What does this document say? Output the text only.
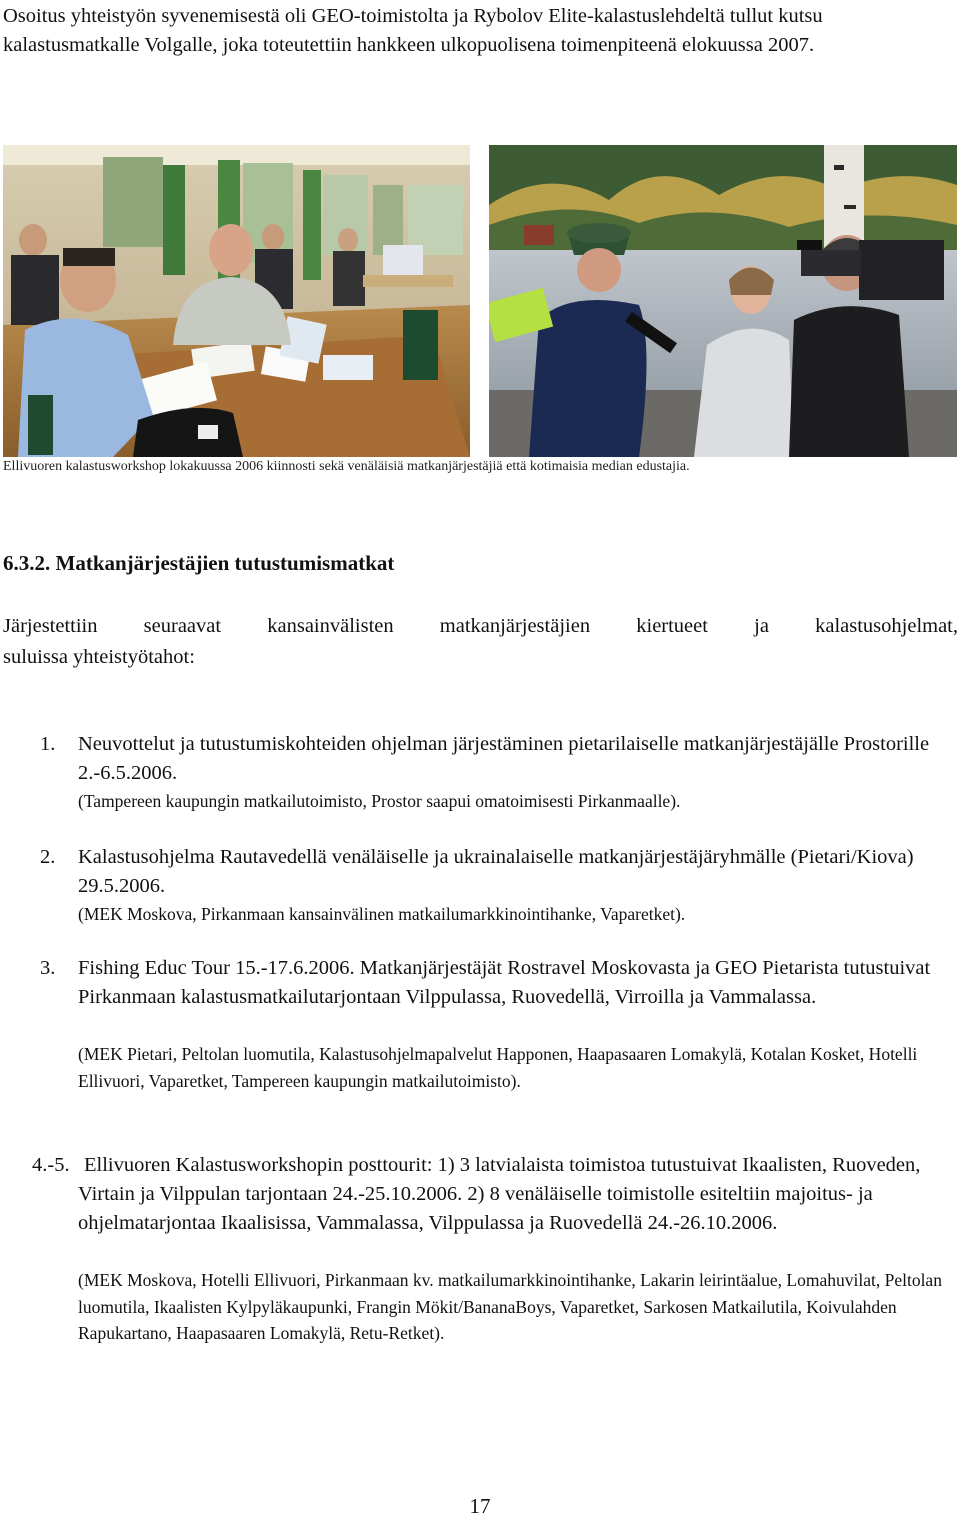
Osoitus yhteistyön syvenemisestä oli GEO-toimistolta ja Rybolov Elite-kalastuslehdeltä tullut kutsu kalastusmatkalle Volgalle, joka toteutettiin hankkeen ulkopuolisena toimenpiteenä elokuussa 2007.
Ellivuoren kalastusworkshop lokakuussa 2006 kiinnosti sekä venäläisiä matkanjärjestäjiä että kotimaisia median edustajia.
6.3.2. Matkanjärjestäjien tutustumismatkat
Järjestettiin seuraavat kansainvälisten matkanjärjestäjien kiertueet ja kalastusohjelmat,
suluissa yhteistyötahot:
1. Neuvottelut ja tutustumiskohteiden ohjelman järjestäminen pietarilaiselle matkanjärjestäjälle Prostorille 2.-6.5.2006.
(Tampereen kaupungin matkailutoimisto, Prostor saapui omatoimisesti Pirkanmaalle).
2. Kalastusohjelma Rautavedellä venäläiselle ja ukrainalaiselle matkanjärjestäjäryhmälle (Pietari/Kiova) 29.5.2006.
(MEK Moskova, Pirkanmaan kansainvälinen matkailumarkkinointihanke, Vaparetket).
3. Fishing Educ Tour 15.-17.6.2006. Matkanjärjestäjät Rostravel Moskovasta ja GEO Pietarista tutustuivat Pirkanmaan kalastusmatkailutarjontaan Vilppulassa, Ruovedellä, Virroilla ja Vammalassa.
(MEK Pietari, Peltolan luomutila, Kalastusohjelmapalvelut Happonen, Haapasaaren Lomakylä, Kotalan Kosket, Hotelli Ellivuori, Vaparetket, Tampereen kaupungin matkailutoimisto).
4.-5. Ellivuoren Kalastusworkshopin posttourit: 1) 3 latvialaista toimistoa tutustuivat Ikaalisten, Ruoveden, Virtain ja Vilppulan tarjontaan 24.-25.10.2006. 2) 8 venäläiselle toimistolle esiteltiin majoitus- ja ohjelmatarjontaa Ikaalisissa, Vammalassa, Vilppulassa ja Ruovedellä 24.-26.10.2006.
(MEK Moskova, Hotelli Ellivuori, Pirkanmaan kv. matkailumarkkinointihanke, Lakarin leirintäalue, Lomahuvilat, Peltolan luomutila, Ikaalisten Kylpyläkaupunki, Frangin Mökit/BananaBoys, Vaparetket, Sarkosen Matkailutila, Koivulahden Rapukartano, Haapasaaren Lomakylä, Retu-Retket).
17
